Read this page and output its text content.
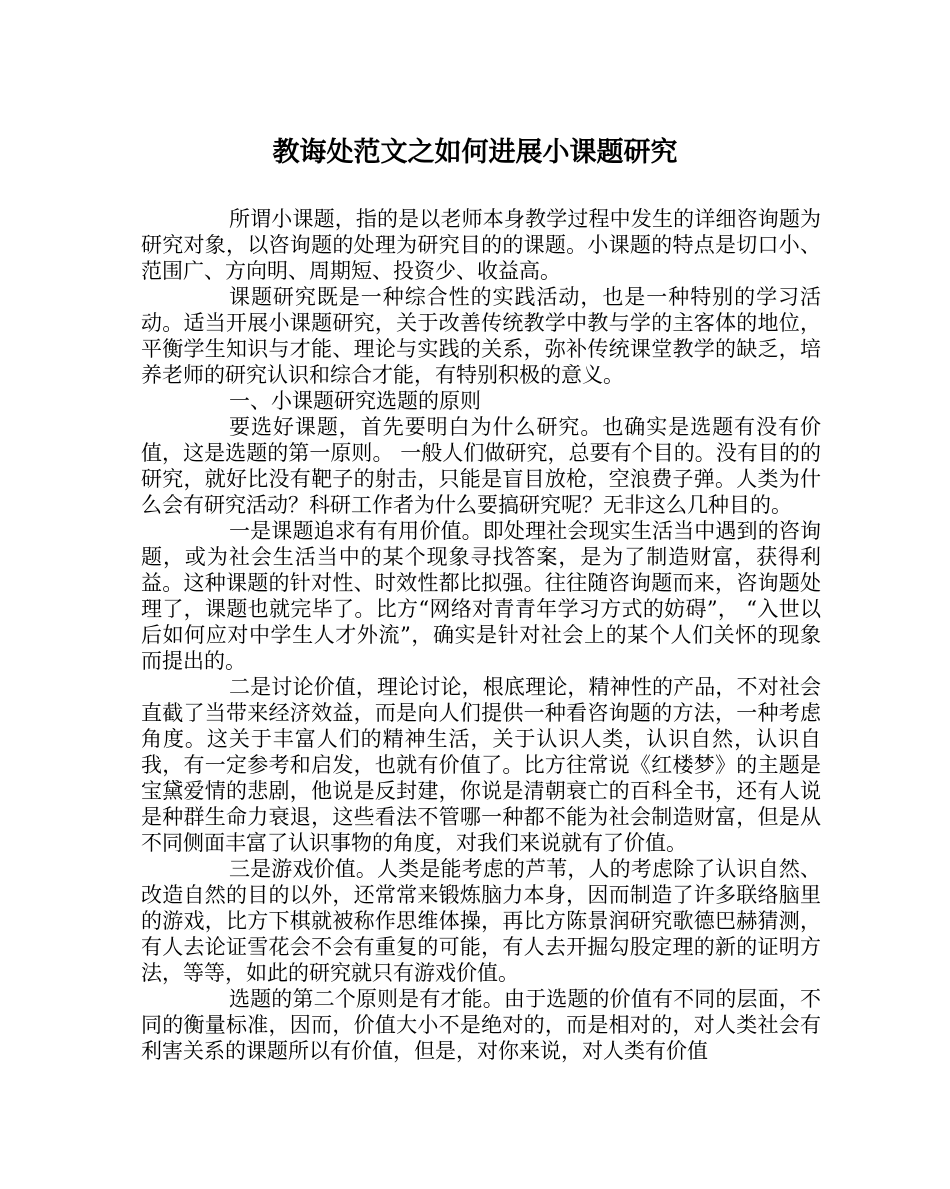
教诲处范文之如何进展小课题研究

所谓小课题，指的是以老师本身教学过程中发生的详细咨询题为研究对象，以咨询题的处理为研究目的的课题。小课题的特点是切口小、范围广、方向明、周期短、投资少、收益高。

课题研究既是一种综合性的实践活动，也是一种特别的学习活动。适当开展小课题研究，关于改善传统教学中教与学的主客体的地位，平衡学生知识与才能、理论与实践的关系，弥补传统课堂教学的缺乏，培养老师的研究认识和综合才能，有特别积极的意义。

一、小课题研究选题的原则

要选好课题，首先要明白为什么研究。也确实是选题有没有价值，这是选题的第一原则。 一般人们做研究，总要有个目的。没有目的的研究，就好比没有靶子的射击，只能是盲目放枪，空浪费子弹。人类为什么会有研究活动？科研工作者为什么要搞研究呢？无非这么几种目的。

一是课题追求有有用价值。即处理社会现实生活当中遇到的咨询题，或为社会生活当中的某个现象寻找答案，是为了制造财富，获得利益。这种课题的针对性、时效性都比拟强。往往随咨询题而来，咨询题处理了，课题也就完毕了。比方“网络对青青年学习方式的妨碍”， “入世以后如何应对中学生人才外流”，确实是针对社会上的某个人们关怀的现象而提出的。

二是讨论价值，理论讨论，根底理论，精神性的产品，不对社会直截了当带来经济效益，而是向人们提供一种看咨询题的方法，一种考虑角度。这关于丰富人们的精神生活，关于认识人类，认识自然，认识自我，有一定参考和启发，也就有价值了。比方往常说《红楼梦》的主题是宝黛爱情的悲剧，他说是反封建，你说是清朝衰亡的百科全书，还有人说是种群生命力衰退，这些看法不管哪一种都不能为社会制造财富，但是从不同侧面丰富了认识事物的角度，对我们来说就有了价值。

三是游戏价值。人类是能考虑的芦苇，人的考虑除了认识自然、改造自然的目的以外，还常常来锻炼脑力本身，因而制造了许多联络脑里的游戏，比方下棋就被称作思维体操，再比方陈景润研究歌德巴赫猜测，有人去论证雪花会不会有重复的可能，有人去开掘勾股定理的新的证明方法，等等，如此的研究就只有游戏价值。

选题的第二个原则是有才能。由于选题的价值有不同的层面，不同的衡量标准，因而，价值大小不是绝对的，而是相对的，对人类社会有利害关系的课题所以有价值，但是，对你来说，对人类有价值
